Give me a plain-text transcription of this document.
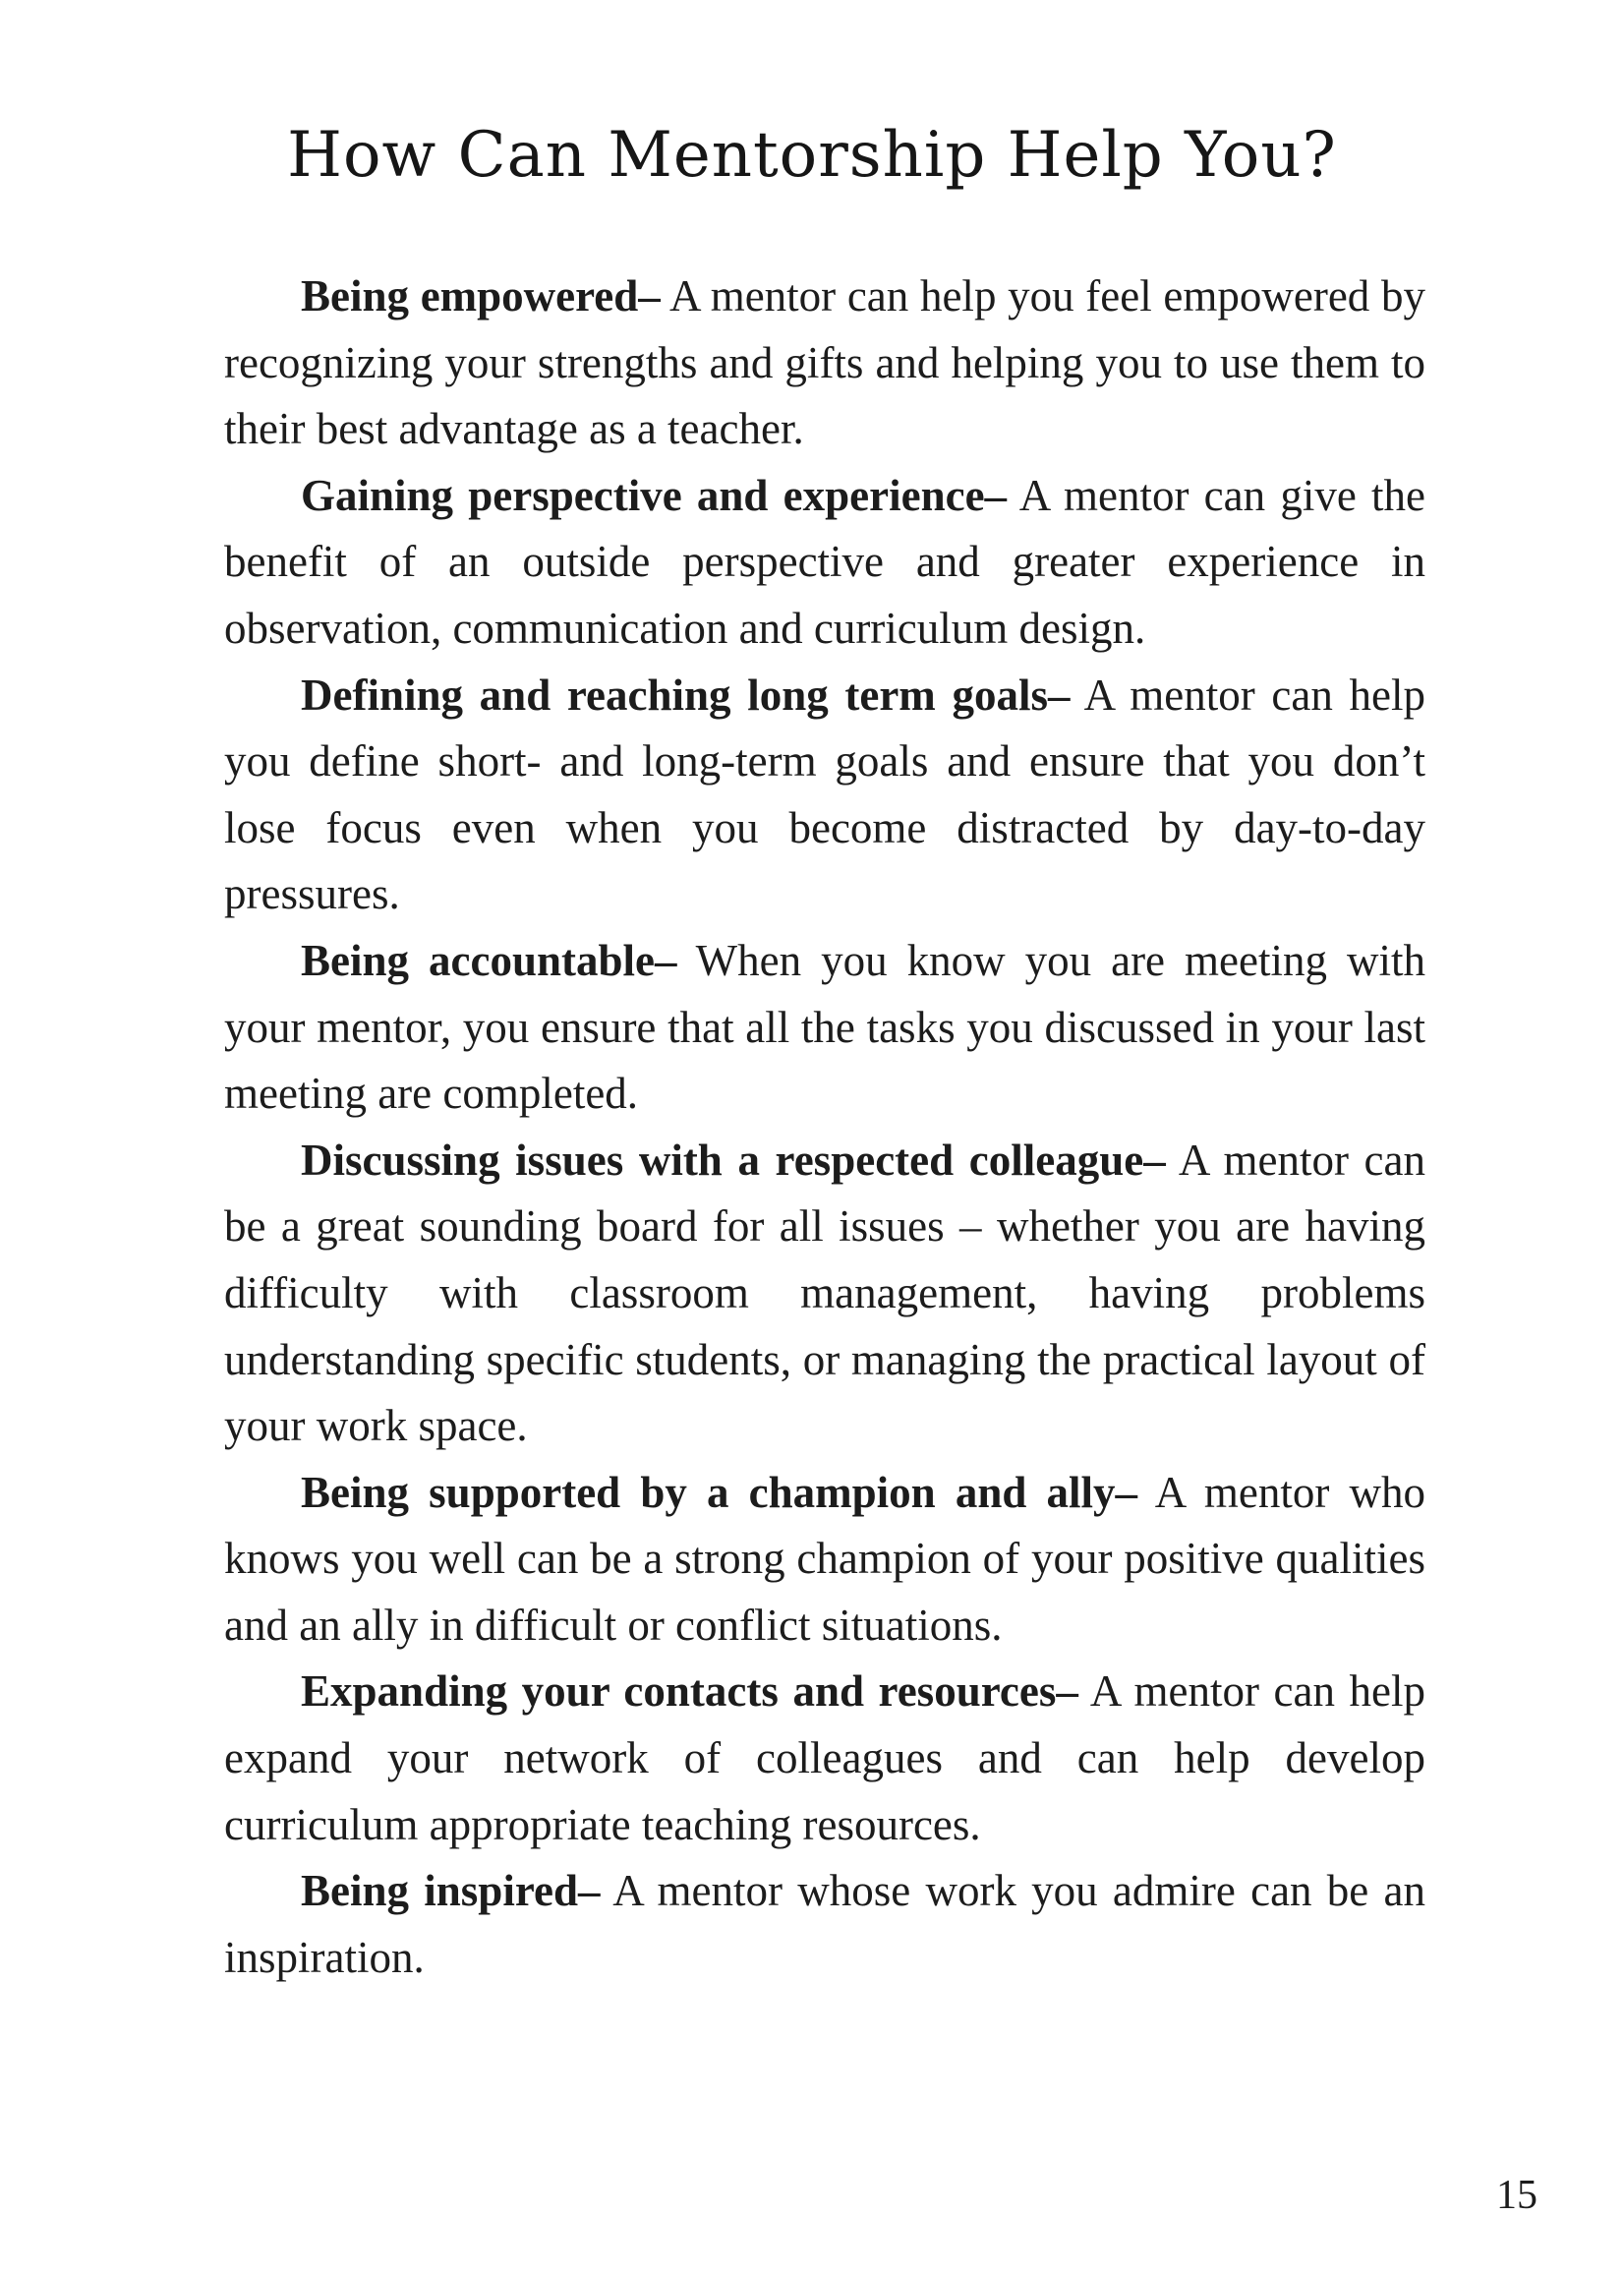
How Can Mentorship Help You?

Being empowered– A mentor can help you feel empowered by recognizing your strengths and gifts and helping you to use them to their best advantage as a teacher.

Gaining perspective and experience– A mentor can give the benefit of an outside perspective and greater experience in observation, communication and curriculum design.

Defining and reaching long term goals– A mentor can help you define short- and long-term goals and ensure that you don’t lose focus even when you become distracted by day-to-day pressures.

Being accountable– When you know you are meeting with your mentor, you ensure that all the tasks you discussed in your last meeting are completed.

Discussing issues with a respected colleague– A mentor can be a great sounding board for all issues – whether you are having difficulty with classroom management, having problems understanding specific students, or managing the practical layout of your work space.

Being supported by a champion and ally– A mentor who knows you well can be a strong champion of your positive qualities and an ally in difficult or conflict situations.

Expanding your contacts and resources– A mentor can help expand your network of colleagues and can help develop curriculum appropriate teaching resources.

Being inspired– A mentor whose work you admire can be an inspiration.

15
